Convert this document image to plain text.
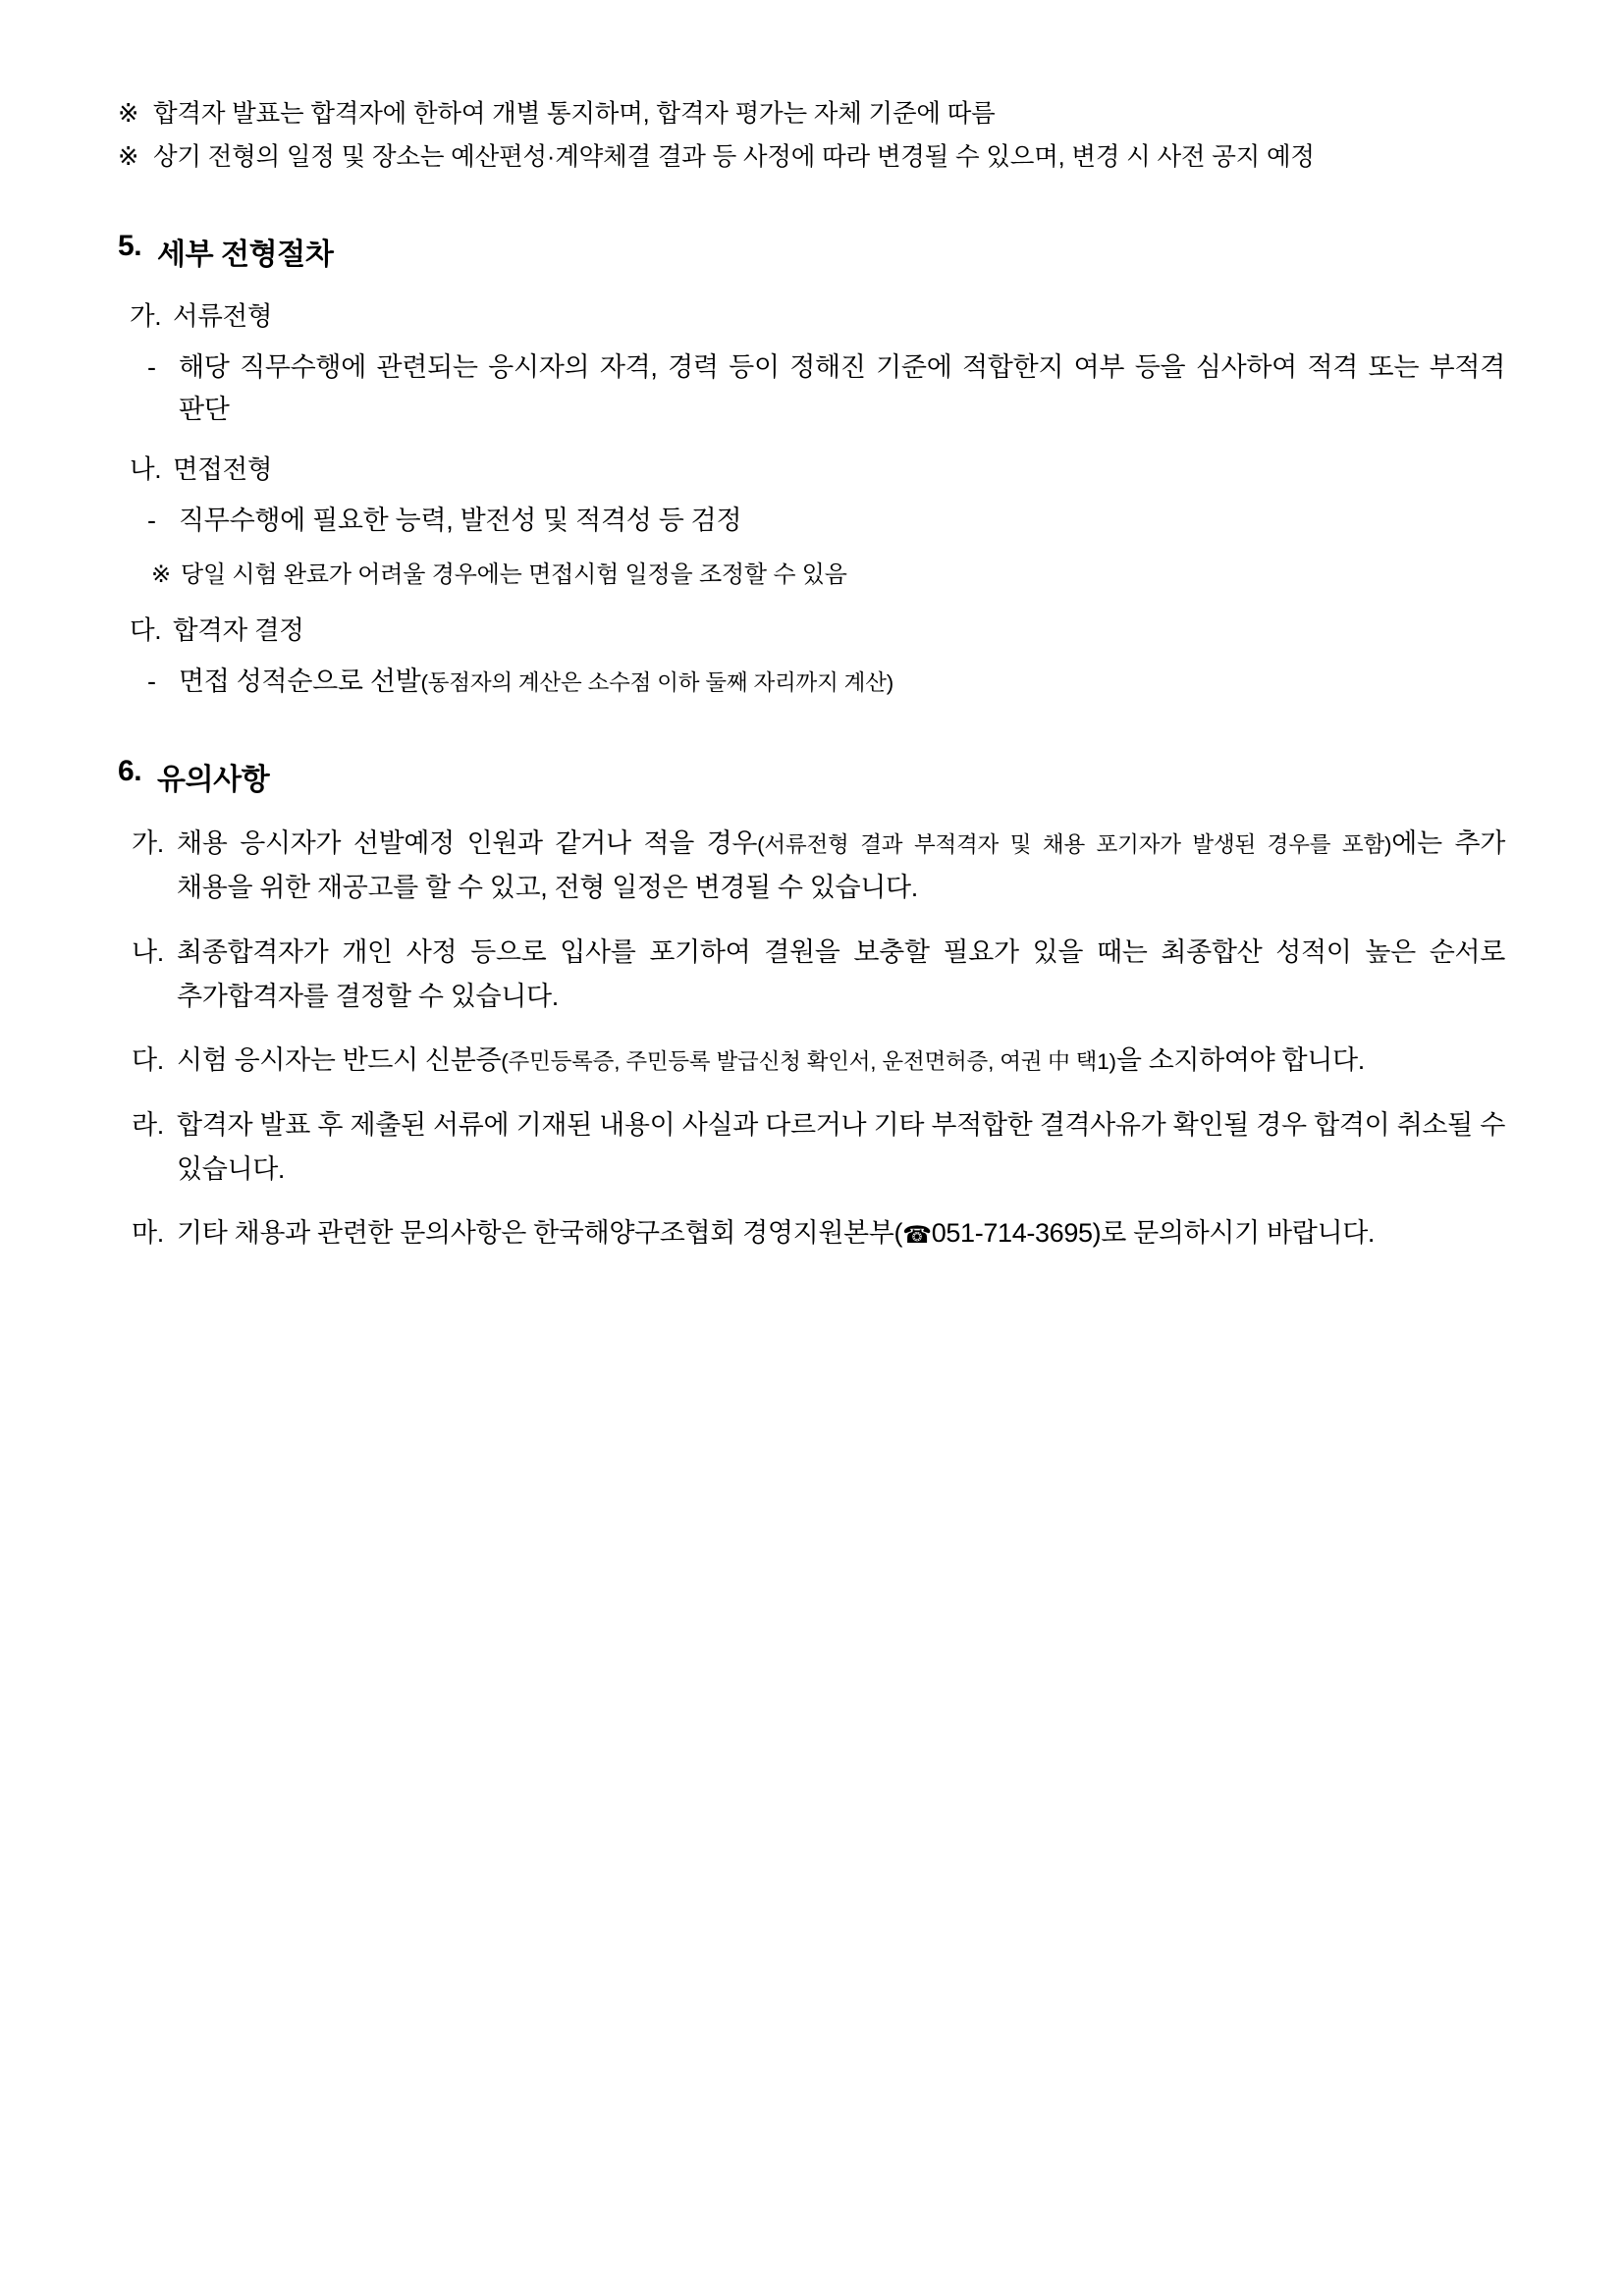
※ 합격자 발표는 합격자에 한하여 개별 통지하며, 합격자 평가는 자체 기준에 따름
※ 상기 전형의 일정 및 장소는 예산편성·계약체결 결과 등 사정에 따라 변경될 수 있으며, 변경 시 사전 공지 예정
5. 세부 전형절차
가. 서류전형
- 해당 직무수행에 관련되는 응시자의 자격, 경력 등이 정해진 기준에 적합한지 여부 등을 심사하여 적격 또는 부적격 판단
나. 면접전형
- 직무수행에 필요한 능력, 발전성 및 적격성 등 검정
※ 당일 시험 완료가 어려울 경우에는 면접시험 일정을 조정할 수 있음
다. 합격자 결정
- 면접 성적순으로 선발(동점자의 계산은 소수점 이하 둘째 자리까지 계산)
6. 유의사항
가. 채용 응시자가 선발예정 인원과 같거나 적을 경우(서류전형 결과 부적격자 및 채용 포기자가 발생된 경우를 포함)에는 추가 채용을 위한 재공고를 할 수 있고, 전형 일정은 변경될 수 있습니다.
나. 최종합격자가 개인 사정 등으로 입사를 포기하여 결원을 보충할 필요가 있을 때는 최종합산 성적이 높은 순서로 추가합격자를 결정할 수 있습니다.
다. 시험 응시자는 반드시 신분증(주민등록증, 주민등록 발급신청 확인서, 운전면허증, 여권 中 택1)을 소지하여야 합니다.
라. 합격자 발표 후 제출된 서류에 기재된 내용이 사실과 다르거나 기타 부적합한 결격사유가 확인될 경우 합격이 취소될 수 있습니다.
마. 기타 채용과 관련한 문의사항은 한국해양구조협회 경영지원본부(☎051-714-3695)로 문의하시기 바랍니다.
